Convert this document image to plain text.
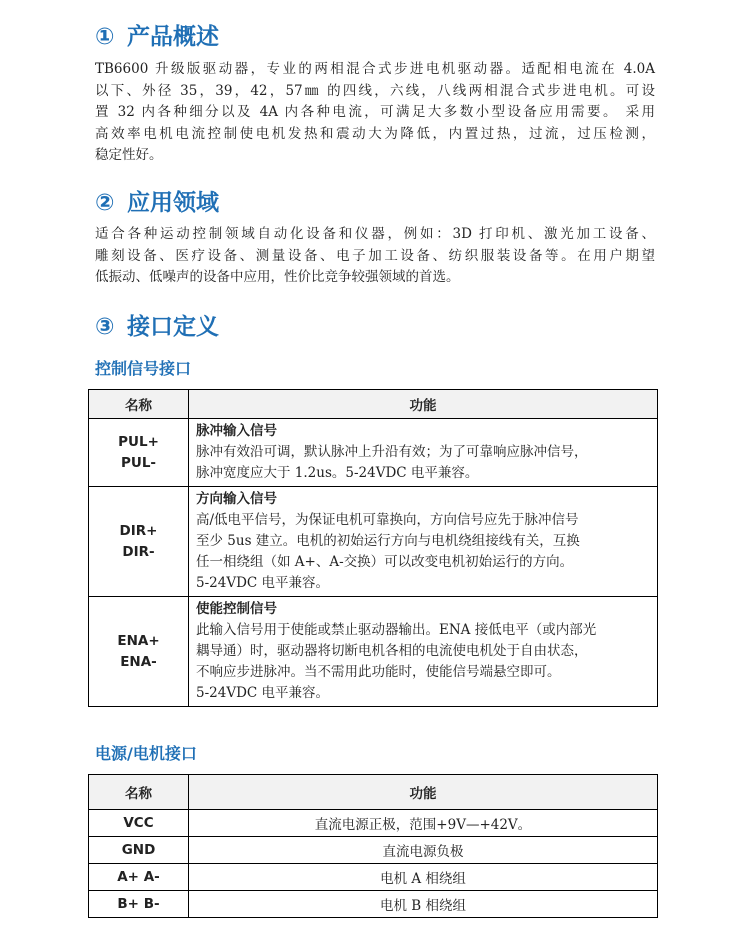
① 产品概述

TB6600 升级版驱动器，专业的两相混合式步进电机驱动器。适配相电流在 4.0A
以下、外径 35，39，42，57㎜ 的四线，六线，八线两相混合式步进电机。可设
置 32 内各种细分以及 4A 内各种电流，可满足大多数小型设备应用需要。 采用
高效率电机电流控制使电机发热和震动大为降低，内置过热，过流，过压检测，
稳定性好。

② 应用领域

适合各种运动控制领域自动化设备和仪器，例如：3D 打印机、激光加工设备、
雕刻设备、医疗设备、测量设备、电子加工设备、纺织服装设备等。在用户期望
低振动、低噪声的设备中应用，性价比竞争较强领域的首选。

③ 接口定义
控制信号接口
名称	功能

PUL+
PUL-	脉冲输入信号
脉冲有效沿可调，默认脉冲上升沿有效；为了可靠响应脉冲信号，
脉冲宽度应大于 1.2us。5-24VDC 电平兼容。

DIR+
DIR-	方向输入信号
高/低电平信号，为保证电机可靠换向，方向信号应先于脉冲信号
至少 5us 建立。电机的初始运行方向与电机绕组接线有关，互换
任一相绕组（如 A+、A-交换）可以改变电机初始运行的方向。
5-24VDC 电平兼容。

ENA+
ENA-	使能控制信号
此输入信号用于使能或禁止驱动器输出。ENA 接低电平（或内部光
耦导通）时，驱动器将切断电机各相的电流使电机处于自由状态，
不响应步进脉冲。当不需用此功能时，使能信号端悬空即可。
5-24VDC 电平兼容。
电源/电机接口
名称	功能
VCC	直流电源正极，范围+9V—+42V。
GND	直流电源负极
A+ A-	电机 A 相绕组
B+ B-	电机 B 相绕组
